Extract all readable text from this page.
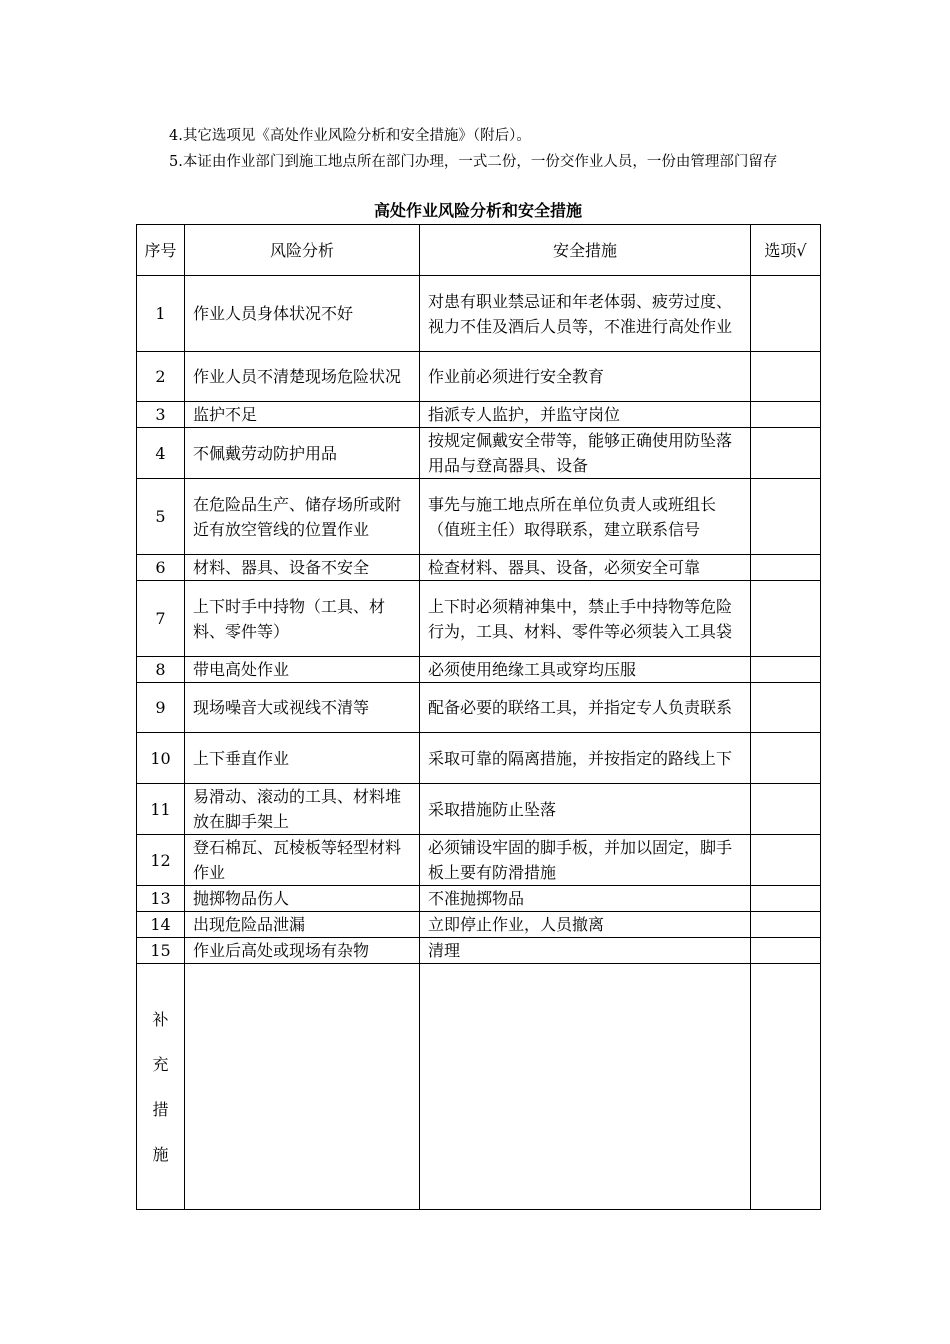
4.其它选项见《高处作业风险分析和安全措施》（附后）。
5.本证由作业部门到施工地点所在部门办理，一式二份，一份交作业人员，一份由管理部门留存
高处作业风险分析和安全措施
序号	风险分析	安全措施	选项√
1	作业人员身体状况不好	对患有职业禁忌证和年老体弱、疲劳过度、视力不佳及酒后人员等，不准进行高处作业	
2	作业人员不清楚现场危险状况	作业前必须进行安全教育	
3	监护不足	指派专人监护，并监守岗位	
4	不佩戴劳动防护用品	按规定佩戴安全带等，能够正确使用防坠落用品与登高器具、设备	
5	在危险品生产、储存场所或附近有放空管线的位置作业	事先与施工地点所在单位负责人或班组长（值班主任）取得联系，建立联系信号	
6	材料、器具、设备不安全	检查材料、器具、设备，必须安全可靠	
7	上下时手中持物（工具、材料、零件等）	上下时必须精神集中，禁止手中持物等危险行为，工具、材料、零件等必须装入工具袋	
8	带电高处作业	必须使用绝缘工具或穿均压服	
9	现场噪音大或视线不清等	配备必要的联络工具，并指定专人负责联系	
10	上下垂直作业	采取可靠的隔离措施，并按指定的路线上下	
11	易滑动、滚动的工具、材料堆放在脚手架上	采取措施防止坠落	
12	登石棉瓦、瓦棱板等轻型材料作业	必须铺设牢固的脚手板，并加以固定，脚手板上要有防滑措施	
13	抛掷物品伤人	不准抛掷物品	
14	出现危险品泄漏	立即停止作业，人员撤离	
15	作业后高处或现场有杂物	清理	

补
充
措
施			
